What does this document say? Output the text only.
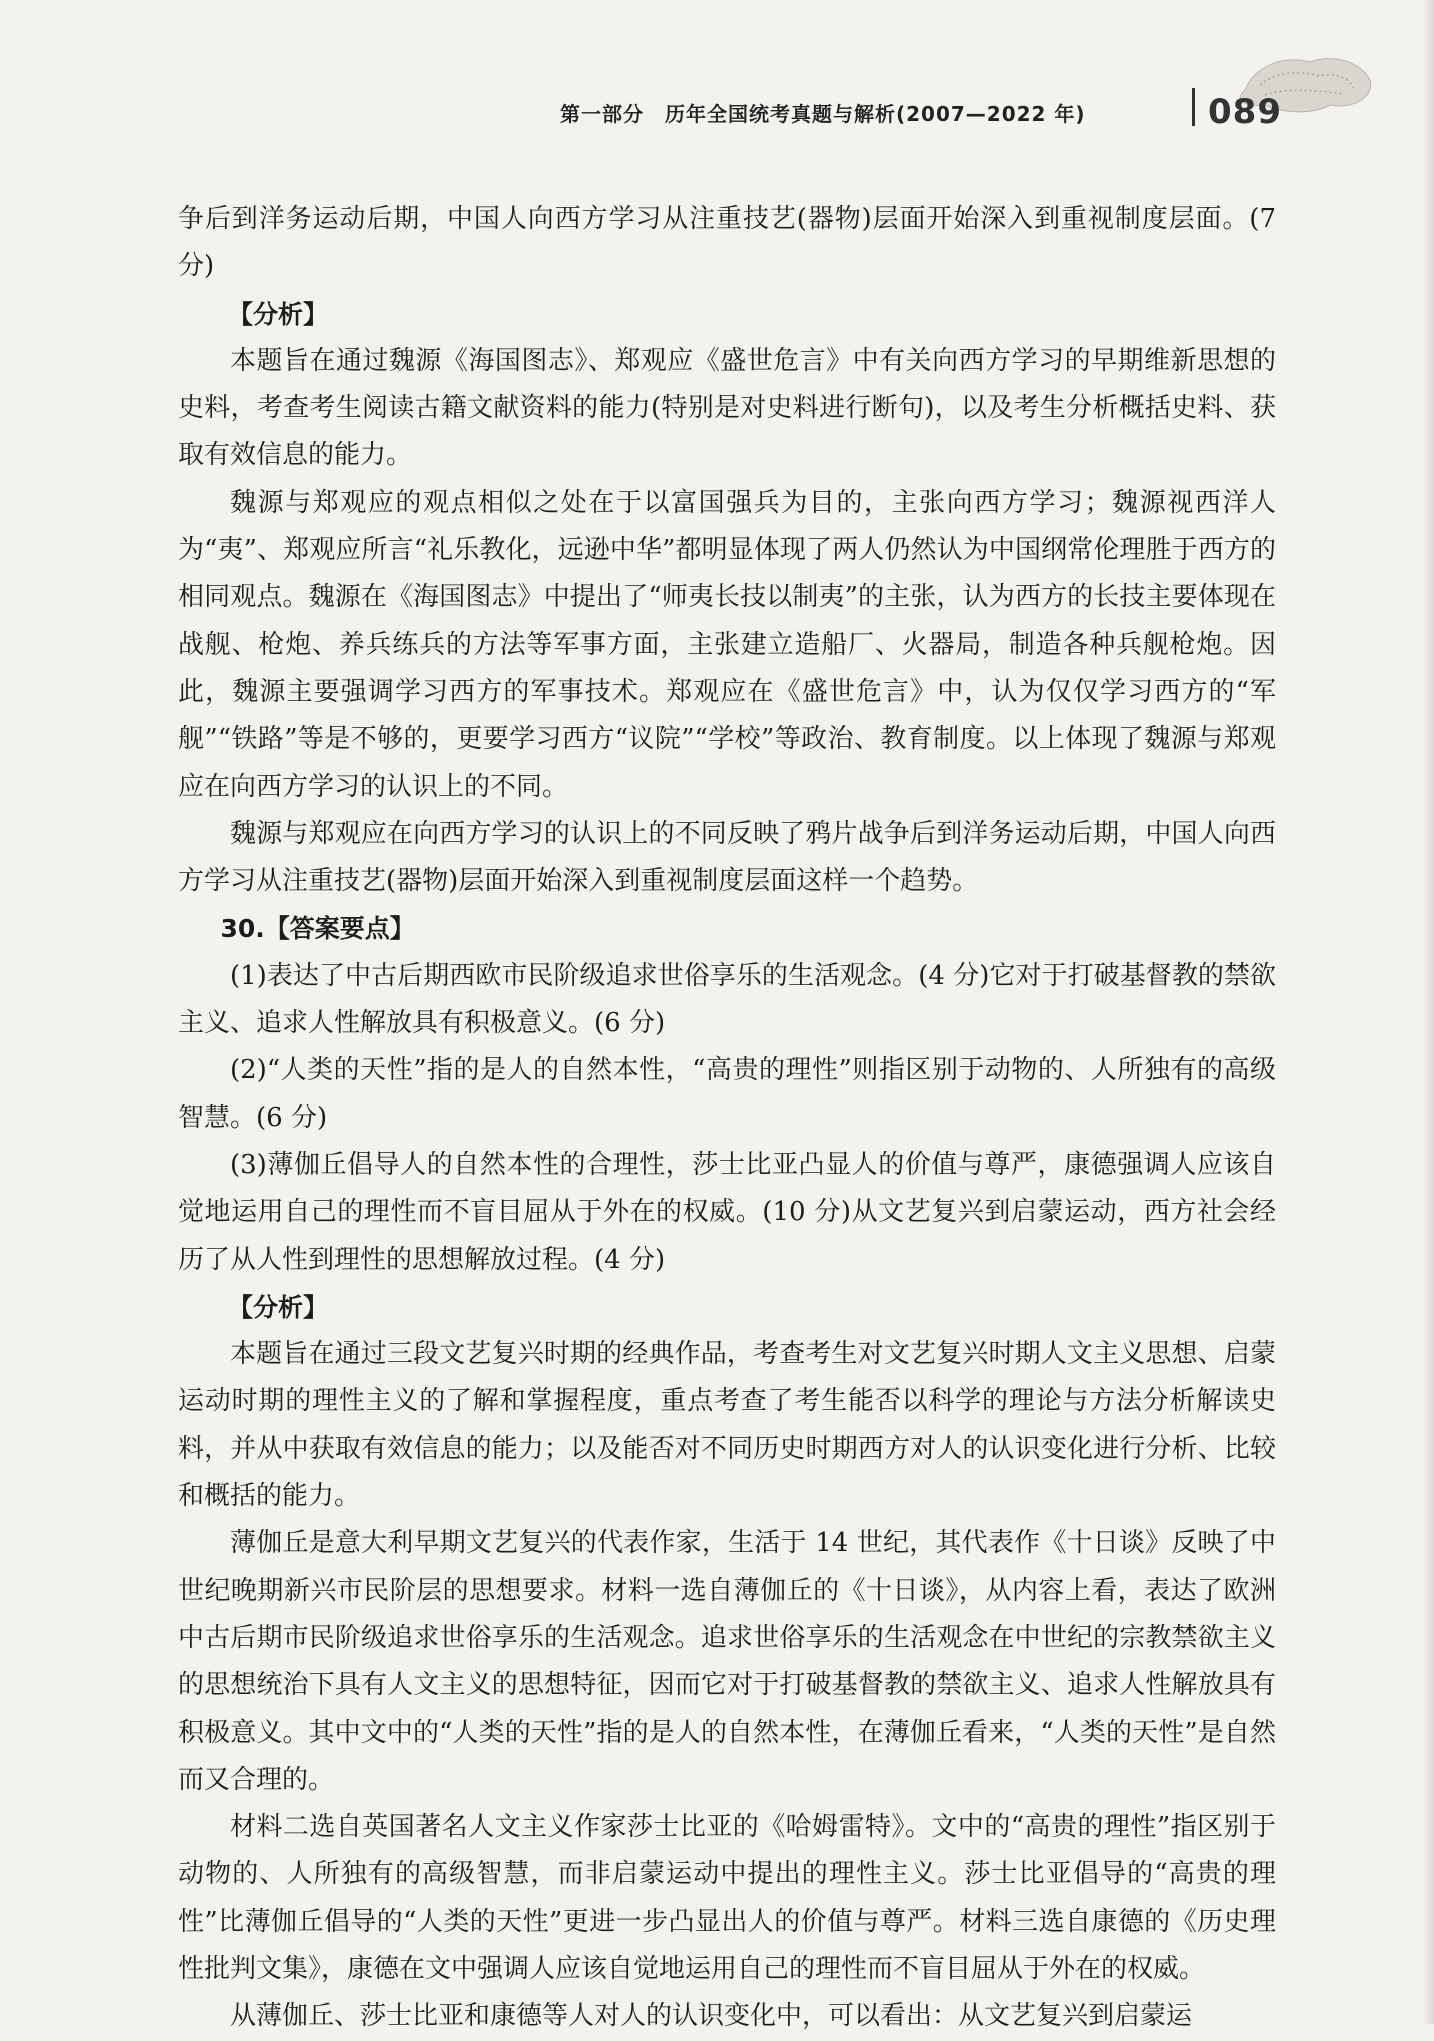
第一部分　历年全国统考真题与解析(2007—2022 年)	089

争后到洋务运动后期，中国人向西方学习从注重技艺(器物)层面开始深入到重视制度层面。(7 分)

【分析】

本题旨在通过魏源《海国图志》、郑观应《盛世危言》中有关向西方学习的早期维新思想的史料，考查考生阅读古籍文献资料的能力(特别是对史料进行断句)，以及考生分析概括史料、获取有效信息的能力。

魏源与郑观应的观点相似之处在于以富国强兵为目的，主张向西方学习；魏源视西洋人为“夷”、郑观应所言“礼乐教化，远逊中华”都明显体现了两人仍然认为中国纲常伦理胜于西方的相同观点。魏源在《海国图志》中提出了“师夷长技以制夷”的主张，认为西方的长技主要体现在战舰、枪炮、养兵练兵的方法等军事方面，主张建立造船厂、火器局，制造各种兵舰枪炮。因此，魏源主要强调学习西方的军事技术。郑观应在《盛世危言》中，认为仅仅学习西方的“军舰”“铁路”等是不够的，更要学习西方“议院”“学校”等政治、教育制度。以上体现了魏源与郑观应在向西方学习的认识上的不同。

魏源与郑观应在向西方学习的认识上的不同反映了鸦片战争后到洋务运动后期，中国人向西方学习从注重技艺(器物)层面开始深入到重视制度层面这样一个趋势。

30.【答案要点】

(1)表达了中古后期西欧市民阶级追求世俗享乐的生活观念。(4 分)它对于打破基督教的禁欲主义、追求人性解放具有积极意义。(6 分)

(2)“人类的天性”指的是人的自然本性，“高贵的理性”则指区别于动物的、人所独有的高级智慧。(6 分)

(3)薄伽丘倡导人的自然本性的合理性，莎士比亚凸显人的价值与尊严，康德强调人应该自觉地运用自己的理性而不盲目屈从于外在的权威。(10 分)从文艺复兴到启蒙运动，西方社会经历了从人性到理性的思想解放过程。(4 分)

【分析】

本题旨在通过三段文艺复兴时期的经典作品，考查考生对文艺复兴时期人文主义思想、启蒙运动时期的理性主义的了解和掌握程度，重点考查了考生能否以科学的理论与方法分析解读史料，并从中获取有效信息的能力；以及能否对不同历史时期西方对人的认识变化进行分析、比较和概括的能力。

薄伽丘是意大利早期文艺复兴的代表作家，生活于 14 世纪，其代表作《十日谈》反映了中世纪晚期新兴市民阶层的思想要求。材料一选自薄伽丘的《十日谈》，从内容上看，表达了欧洲中古后期市民阶级追求世俗享乐的生活观念。追求世俗享乐的生活观念在中世纪的宗教禁欲主义的思想统治下具有人文主义的思想特征，因而它对于打破基督教的禁欲主义、追求人性解放具有积极意义。其中文中的“人类的天性”指的是人的自然本性，在薄伽丘看来，“人类的天性”是自然而又合理的。

材料二选自英国著名人文主义作家莎士比亚的《哈姆雷特》。文中的“高贵的理性”指区别于动物的、人所独有的高级智慧，而非启蒙运动中提出的理性主义。莎士比亚倡导的“高贵的理性”比薄伽丘倡导的“人类的天性”更进一步凸显出人的价值与尊严。材料三选自康德的《历史理性批判文集》，康德在文中强调人应该自觉地运用自己的理性而不盲目屈从于外在的权威。

从薄伽丘、莎士比亚和康德等人对人的认识变化中，可以看出：从文艺复兴到启蒙运
